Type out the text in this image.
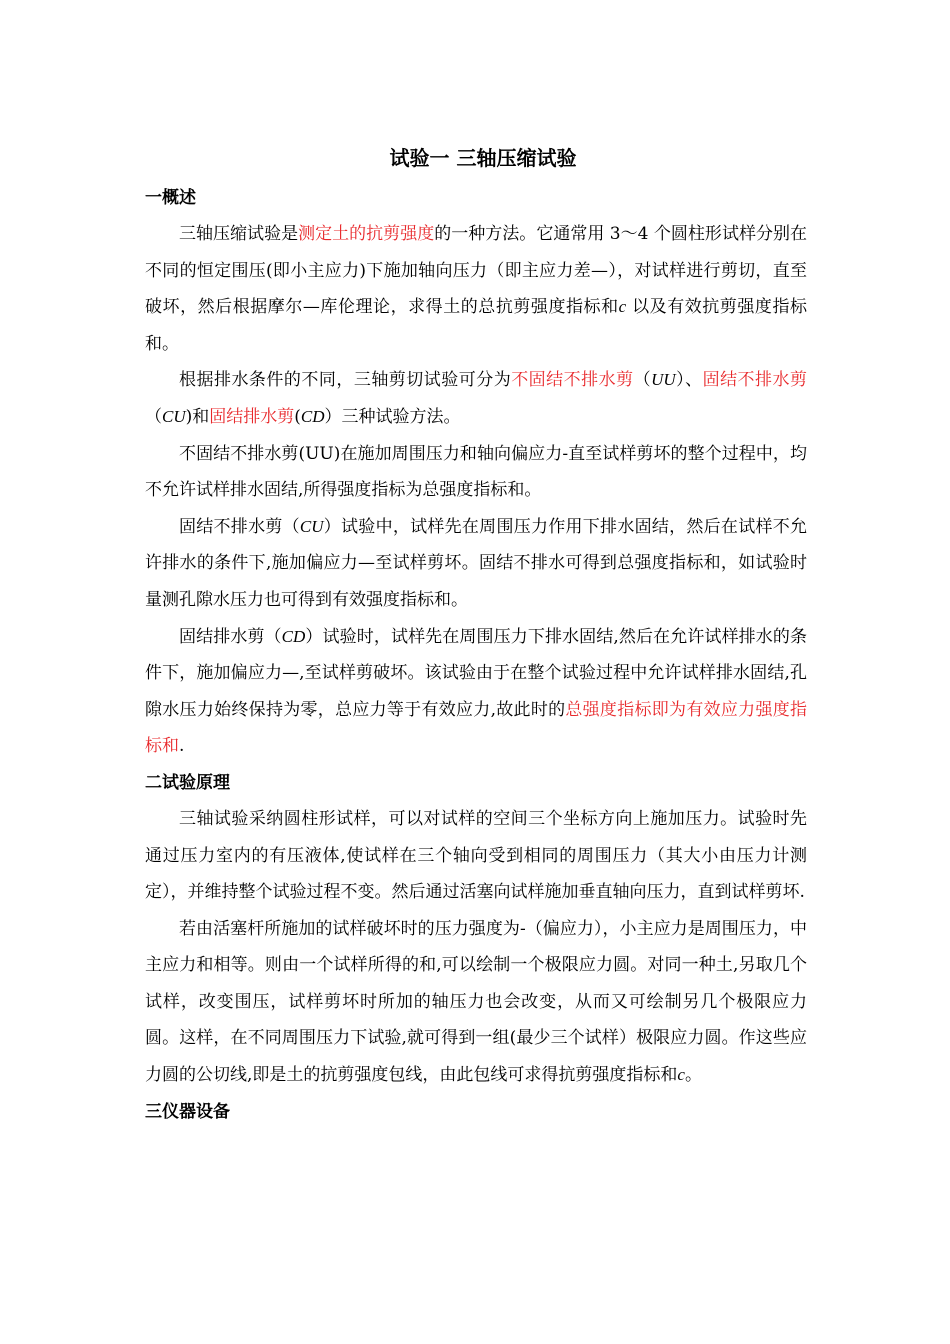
试验一 三轴压缩试验
一概述

三轴压缩试验是测定土的抗剪强度的一种方法。它通常用 3～4 个圆柱形试样分别在不同的恒定围压(即小主应力)下施加轴向压力（即主应力差—），对试样进行剪切，直至破坏，然后根据摩尔—库伦理论，求得土的总抗剪强度指标和c 以及有效抗剪强度指标和。

根据排水条件的不同，三轴剪切试验可分为不固结不排水剪（UU）、固结不排水剪（CU)和固结排水剪(CD）三种试验方法。

不固结不排水剪(UU)在施加周围压力和轴向偏应力-直至试样剪坏的整个过程中，均不允许试样排水固结,所得强度指标为总强度指标和。

固结不排水剪（CU）试验中，试样先在周围压力作用下排水固结，然后在试样不允许排水的条件下,施加偏应力—至试样剪坏。固结不排水可得到总强度指标和，如试验时量测孔隙水压力也可得到有效强度指标和。

固结排水剪（CD）试验时，试样先在周围压力下排水固结,然后在允许试样排水的条件下，施加偏应力—,至试样剪破坏。该试验由于在整个试验过程中允许试样排水固结,孔隙水压力始终保持为零，总应力等于有效应力,故此时的总强度指标即为有效应力强度指标和.

二试验原理

三轴试验采纳圆柱形试样，可以对试样的空间三个坐标方向上施加压力。试验时先通过压力室内的有压液体,使试样在三个轴向受到相同的周围压力（其大小由压力计测定），并维持整个试验过程不变。然后通过活塞向试样施加垂直轴向压力，直到试样剪坏.

若由活塞杆所施加的试样破坏时的压力强度为-（偏应力），小主应力是周围压力，中主应力和相等。则由一个试样所得的和,可以绘制一个极限应力圆。对同一种土,另取几个试样，改变围压，试样剪坏时所加的轴压力也会改变，从而又可绘制另几个极限应力圆。这样，在不同周围压力下试验,就可得到一组(最少三个试样）极限应力圆。作这些应力圆的公切线,即是土的抗剪强度包线，由此包线可求得抗剪强度指标和c。

三仪器设备
